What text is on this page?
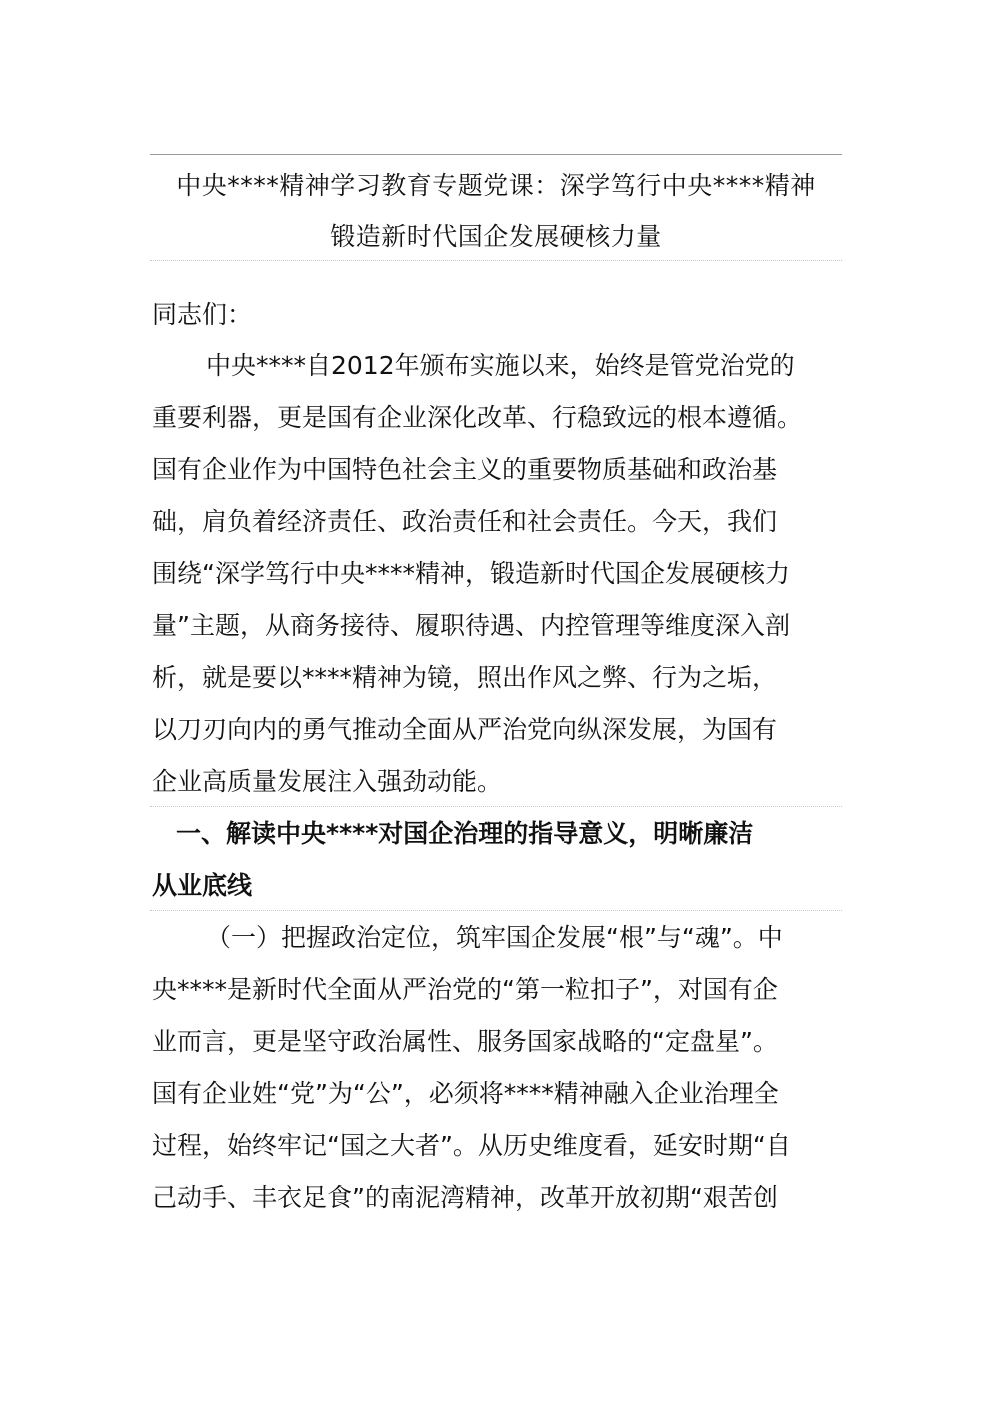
中央****精神学习教育专题党课：深学笃行中央****精神
锻造新时代国企发展硬核力量
同志们：
中央****自2012年颁布实施以来，始终是管党治党的
重要利器，更是国有企业深化改革、行稳致远的根本遵循。
国有企业作为中国特色社会主义的重要物质基础和政治基
础，肩负着经济责任、政治责任和社会责任。今天，我们
围绕“深学笃行中央****精神，锻造新时代国企发展硬核力
量”主题，从商务接待、履职待遇、内控管理等维度深入剖
析，就是要以****精神为镜，照出作风之弊、行为之垢，
以刀刃向内的勇气推动全面从严治党向纵深发展，为国有
企业高质量发展注入强劲动能。
一、解读中央****对国企治理的指导意义，明晰廉洁
从业底线
（一）把握政治定位，筑牢国企发展“根”与“魂”。中
央****是新时代全面从严治党的“第一粒扣子”，对国有企
业而言，更是坚守政治属性、服务国家战略的“定盘星”。
国有企业姓“党”为“公”，必须将****精神融入企业治理全
过程，始终牢记“国之大者”。从历史维度看，延安时期“自
己动手、丰衣足食”的南泥湾精神，改革开放初期“艰苦创
